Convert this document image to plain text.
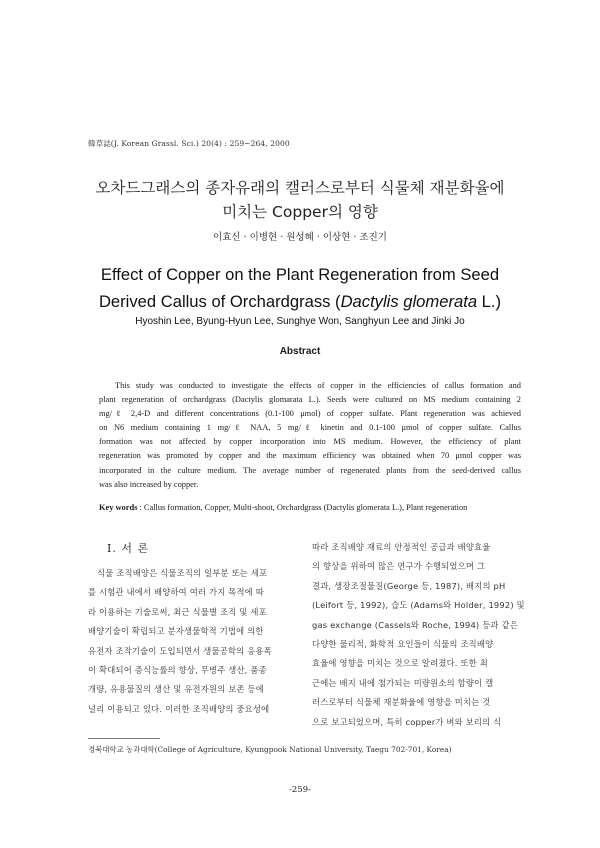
韓草誌(J. Korean Grassl. Sci.) 20(4) : 259~264, 2000
오차드그래스의 종자유래의 캘러스로부터 식물체 재분화율에
미치는 Copper의 영향
이효신 · 이병현 · 원성혜 · 이상현 · 조진기
Effect of Copper on the Plant Regeneration from Seed
Derived Callus of Orchardgrass (Dactylis glomerata L.)
Hyoshin Lee, Byung-Hyun Lee, Sunghye Won, Sanghyun Lee and Jinki Jo
Abstract
This study was conducted to investigate the effects of copper in the efficiencies of callus formation and
plant regeneration of orchardgrass (Dactylis glomarata L.). Seeds were cultured on MS medium containing 2
mg/ℓ 2,4-D and different concentrations (0.1-100 μmol) of copper sulfate. Plant regeneration was achieved
on N6 medium containing 1 mg/ℓ NAA, 5 mg/ℓ kinetin and 0.1-100 μmol of copper sulfate. Callus
formation was not affected by copper incorporation into MS medium. However, the efficiency of plant
regeneration was promoted by copper and the maximum efficiency was obtained when 70 μmol copper was
incorporated in the culture medium. The average number of regenerated plants from the seed-derived callus
was also increased by copper.
Key words : Callus formation, Copper, Multi-shoot, Orchardgrass (Dactylis glomerata L.), Plant regeneration
Ⅰ. 서 론
식물 조직배양은 식물조직의 일부분 또는 세포
를 시험관 내에서 배양하여 여러 가지 목적에 따
라 이용하는 기술로써, 최근 식물별 조직 및 세포
배양기술이 확립되고 분자생물학적 기법에 의한
유전자 조작기술이 도입되면서 생물공학의 응용폭
이 확대되어 증식능률의 향상, 무병주 생산, 품종
개량, 유용물질의 생산 및 유전자원의 보존 등에
널리 이용되고 있다. 이러한 조직배양의 중요성에
따라 조직배양 재료의 안정적인 공급과 배양효율
의 향상을 위하여 많은 연구가 수행되었으며 그
결과, 생장조절물질(George 등, 1987), 배지의 pH
(Leifort 등, 1992), 습도 (Adams와 Holder, 1992) 및
gas exchange (Cassels와 Roche, 1994) 등과 같은
다양한 물리적, 화학적 요인들이 식물의 조직배양
효율에 영향을 미치는 것으로 알려졌다. 또한 최
근에는 배지 내에 첨가되는 미량원소의 함량이 캘
러스로부터 식물체 재분화율에 영향을 미치는 것
으로 보고되었으며, 특히 copper가 벼와 보리의 식
경북대학교 농과대학(College of Agriculture, Kyungpook National University, Taegu 702-701, Korea)
-259-
